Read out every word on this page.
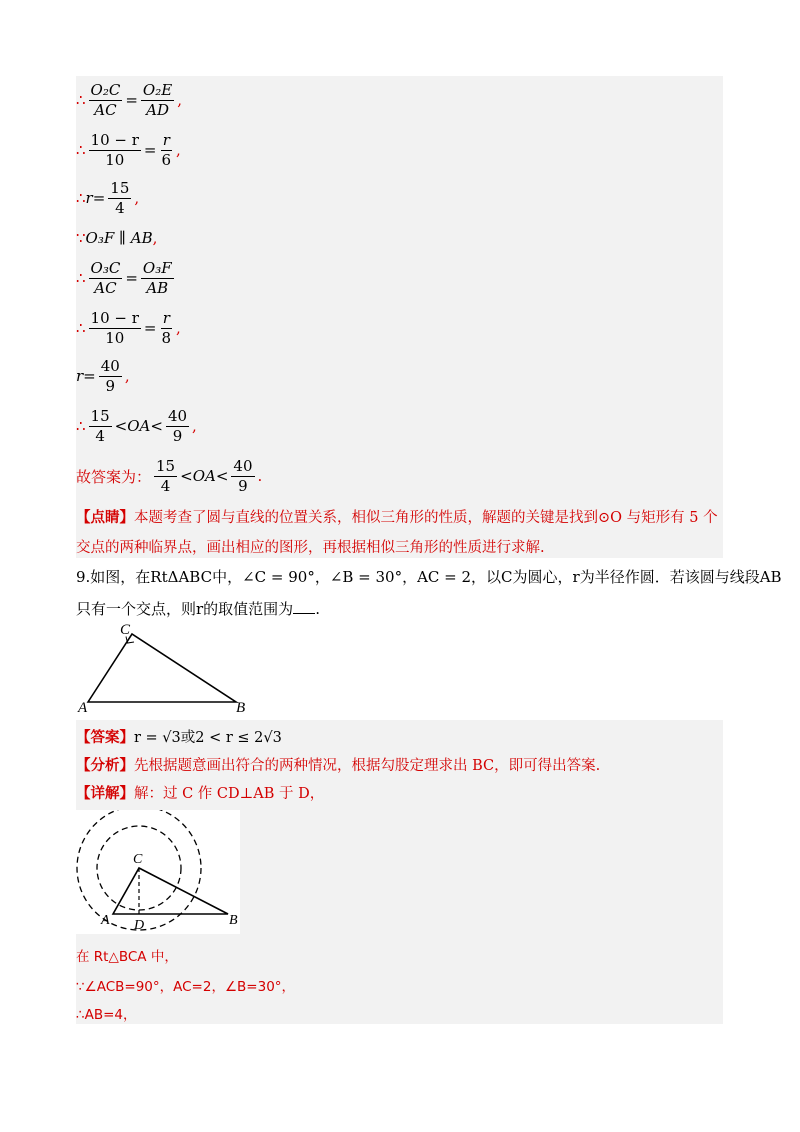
∴ $\frac{\text{O₂C}}{AC} = \frac{\text{O₂E}}{AD}$ ,
∴ $\frac{10 - r}{10} = \frac{r}{6}$ ,
∴ $r = \frac{15}{4}$ ,
∵ O₃F ∥ AB ,
∴ $\frac{\text{O₃C}}{AC} = \frac{\text{O₃F}}{AB}$
∴ $\frac{10 - r}{10} = \frac{r}{8}$ ,
$r = \frac{40}{9}$ ,
∴ $\frac{15}{4}$ < OA < $\frac{40}{9}$ ,
故答案为： $\frac{15}{4}$ < OA < $\frac{40}{9}$ .
【点睛】本题考查了圆与直线的位置关系，相似三角形的性质，解题的关键是找到⊙O 与矩形有 5 个交点的两种临界点，画出相应的图形，再根据相似三角形的性质进行求解.
9.如图，在RtΔABC中，∠C = 90°，∠B = 30°，AC = 2，以C为圆心，r为半径作圆．若该圆与线段AB
只有一个交点，则r的取值范围为 .
A	B
C
【答案】 r = √3或2 < r ≤ 2√3
【分析】 先根据题意画出符合的两种情况，根据勾股定理求出 BC，即可得出答案.
【详解】 解：过 C 作 CD⊥AB 于 D，
A	B
C
D
在 Rt△BCA 中，
∵∠ACB=90°，AC=2，∠B=30°，
∴AB=4，
